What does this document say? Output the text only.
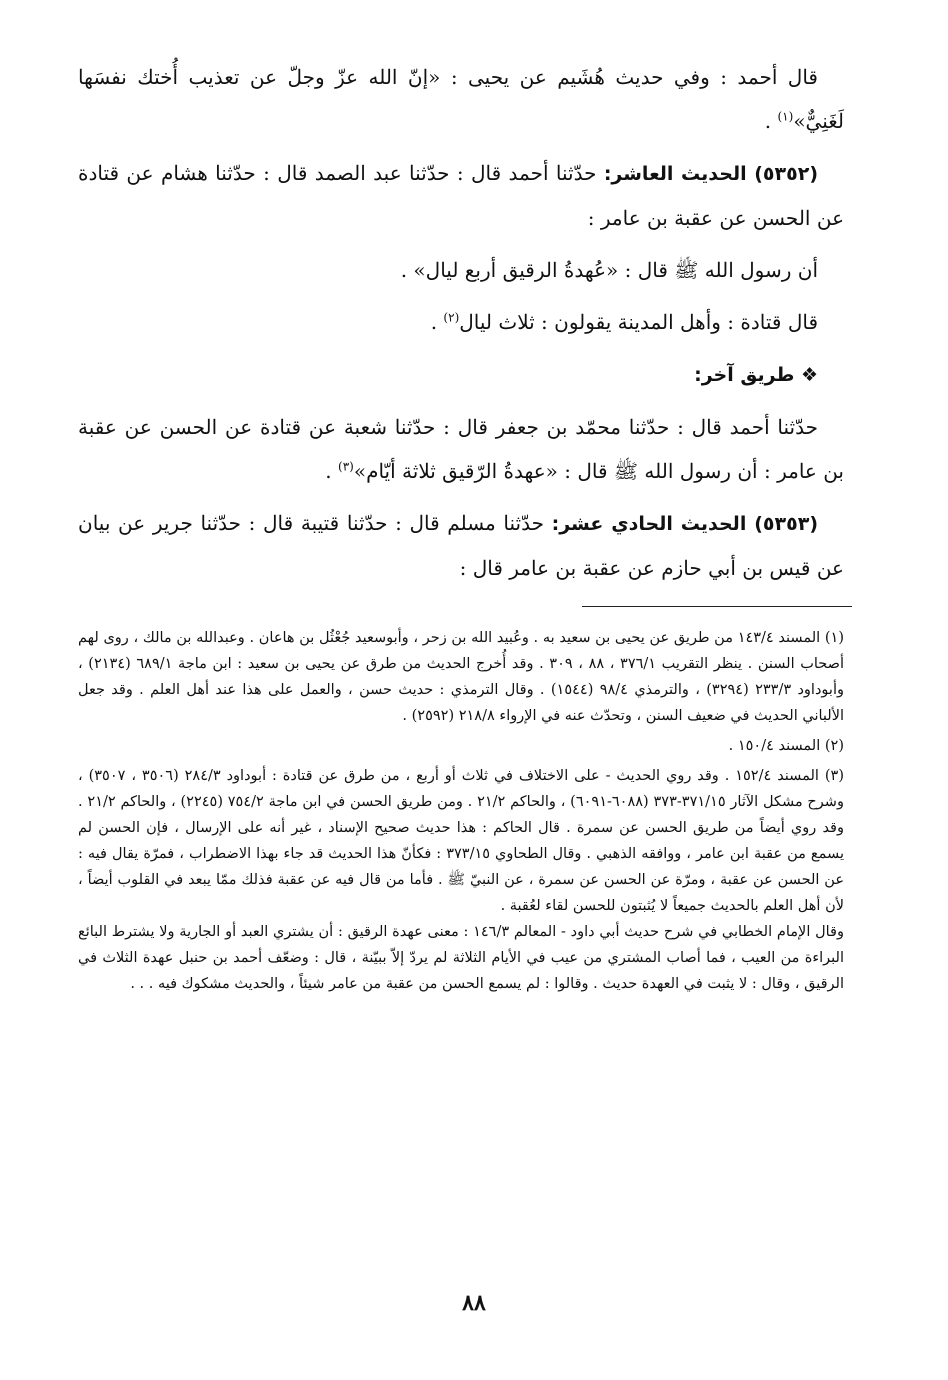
قال أحمد : وفي حديث هُشَيم عن يحيى : «إنّ الله عزّ وجلّ عن تعذيب أُختك نفسَها لَغَنِيٌّ»$^{(١)}$ .

(٥٣٥٢) الحديث العاشر: حدّثنا أحمد قال : حدّثنا عبد الصمد قال : حدّثنا هشام عن قتادة عن الحسن عن عقبة بن عامر :

أن رسول الله ﷺ قال : «عُهدةُ الرقيق أربع ليال» .

قال قتادة : وأهل المدينة يقولون : ثلاث ليال$^{(٢)}$ .

❖ طريق آخر:

حدّثنا أحمد قال : حدّثنا محمّد بن جعفر قال : حدّثنا شعبة عن قتادة عن الحسن عن عقبة بن عامر : أن رسول الله ﷺ قال : «عهدةُ الرّقيق ثلاثة أيّام»$^{(٣)}$ .

(٥٣٥٣) الحديث الحادي عشر: حدّثنا مسلم قال : حدّثنا قتيبة قال : حدّثنا جرير عن بيان عن قيس بن أبي حازم عن عقبة بن عامر قال :

(١) المسند ١٤٣/٤ من طريق عن يحيى بن سعيد به . وعُبيد الله بن زحر ، وأبوسعيد جُعْثُل بن هاعان . وعبدالله بن مالك ، روى لهم أصحاب السنن . ينظر التقريب ٣٧٦/١ ، ٨٨ ، ٣٠٩ . وقد أُخرج الحديث من طرق عن يحيى بن سعيد : ابن ماجة ٦٨٩/١ (٢١٣٤) ، وأبوداود ٢٣٣/٣ (٣٢٩٤) ، والترمذي ٩٨/٤ (١٥٤٤) . وقال الترمذي : حديث حسن ، والعمل على هذا عند أهل العلم . وقد جعل الألباني الحديث في ضعيف السنن ، وتحدّث عنه في الإرواء ٢١٨/٨ (٢٥٩٢) .

(٢) المسند ١٥٠/٤ .

(٣) المسند ١٥٢/٤ . وقد روي الحديث - على الاختلاف في ثلاث أو أربع ، من طرق عن قتادة : أبوداود ٢٨٤/٣ (٣٥٠٦ ، ٣٥٠٧) ، وشرح مشكل الآثار ٣٧١/١٥-٣٧٣ (٦٠٨٨-٦٠٩١) ، والحاكم ٢١/٢ . ومن طريق الحسن في ابن ماجة ٧٥٤/٢ (٢٢٤٥) ، والحاكم ٢١/٢ . وقد روي أيضاً من طريق الحسن عن سمرة . قال الحاكم : هذا حديث صحيح الإسناد ، غير أنه على الإرسال ، فإن الحسن لم يسمع من عقبة ابن عامر ، ووافقه الذهبي . وقال الطحاوي ٣٧٣/١٥ : فكأنّ هذا الحديث قد جاء بهذا الاضطراب ، فمرّة يقال فيه : عن الحسن عن عقبة ، ومرّة عن الحسن عن سمرة ، عن النبيّ ﷺ . فأما من قال فيه عن عقبة فذلك ممّا يبعد في القلوب أيضاً ، لأن أهل العلم بالحديث جميعاً لا يُثبتون للحسن لقاء لعُقبة .

وقال الإمام الخطابي في شرح حديث أبي داود - المعالم ١٤٦/٣ : معنى عهدة الرقيق : أن يشتري العبد أو الجارية ولا يشترط البائع البراءة من العيب ، فما أصاب المشتري من عيب في الأيام الثلاثة لم يردّ إلاّ ببيّنة ، قال : وضعّف أحمد بن حنبل عهدة الثلاث في الرقيق ، وقال : لا يثبت في العهدة حديث . وقالوا : لم يسمع الحسن من عقبة من عامر شيئاً ، والحديث مشكوك فيه . . .

٨٨
